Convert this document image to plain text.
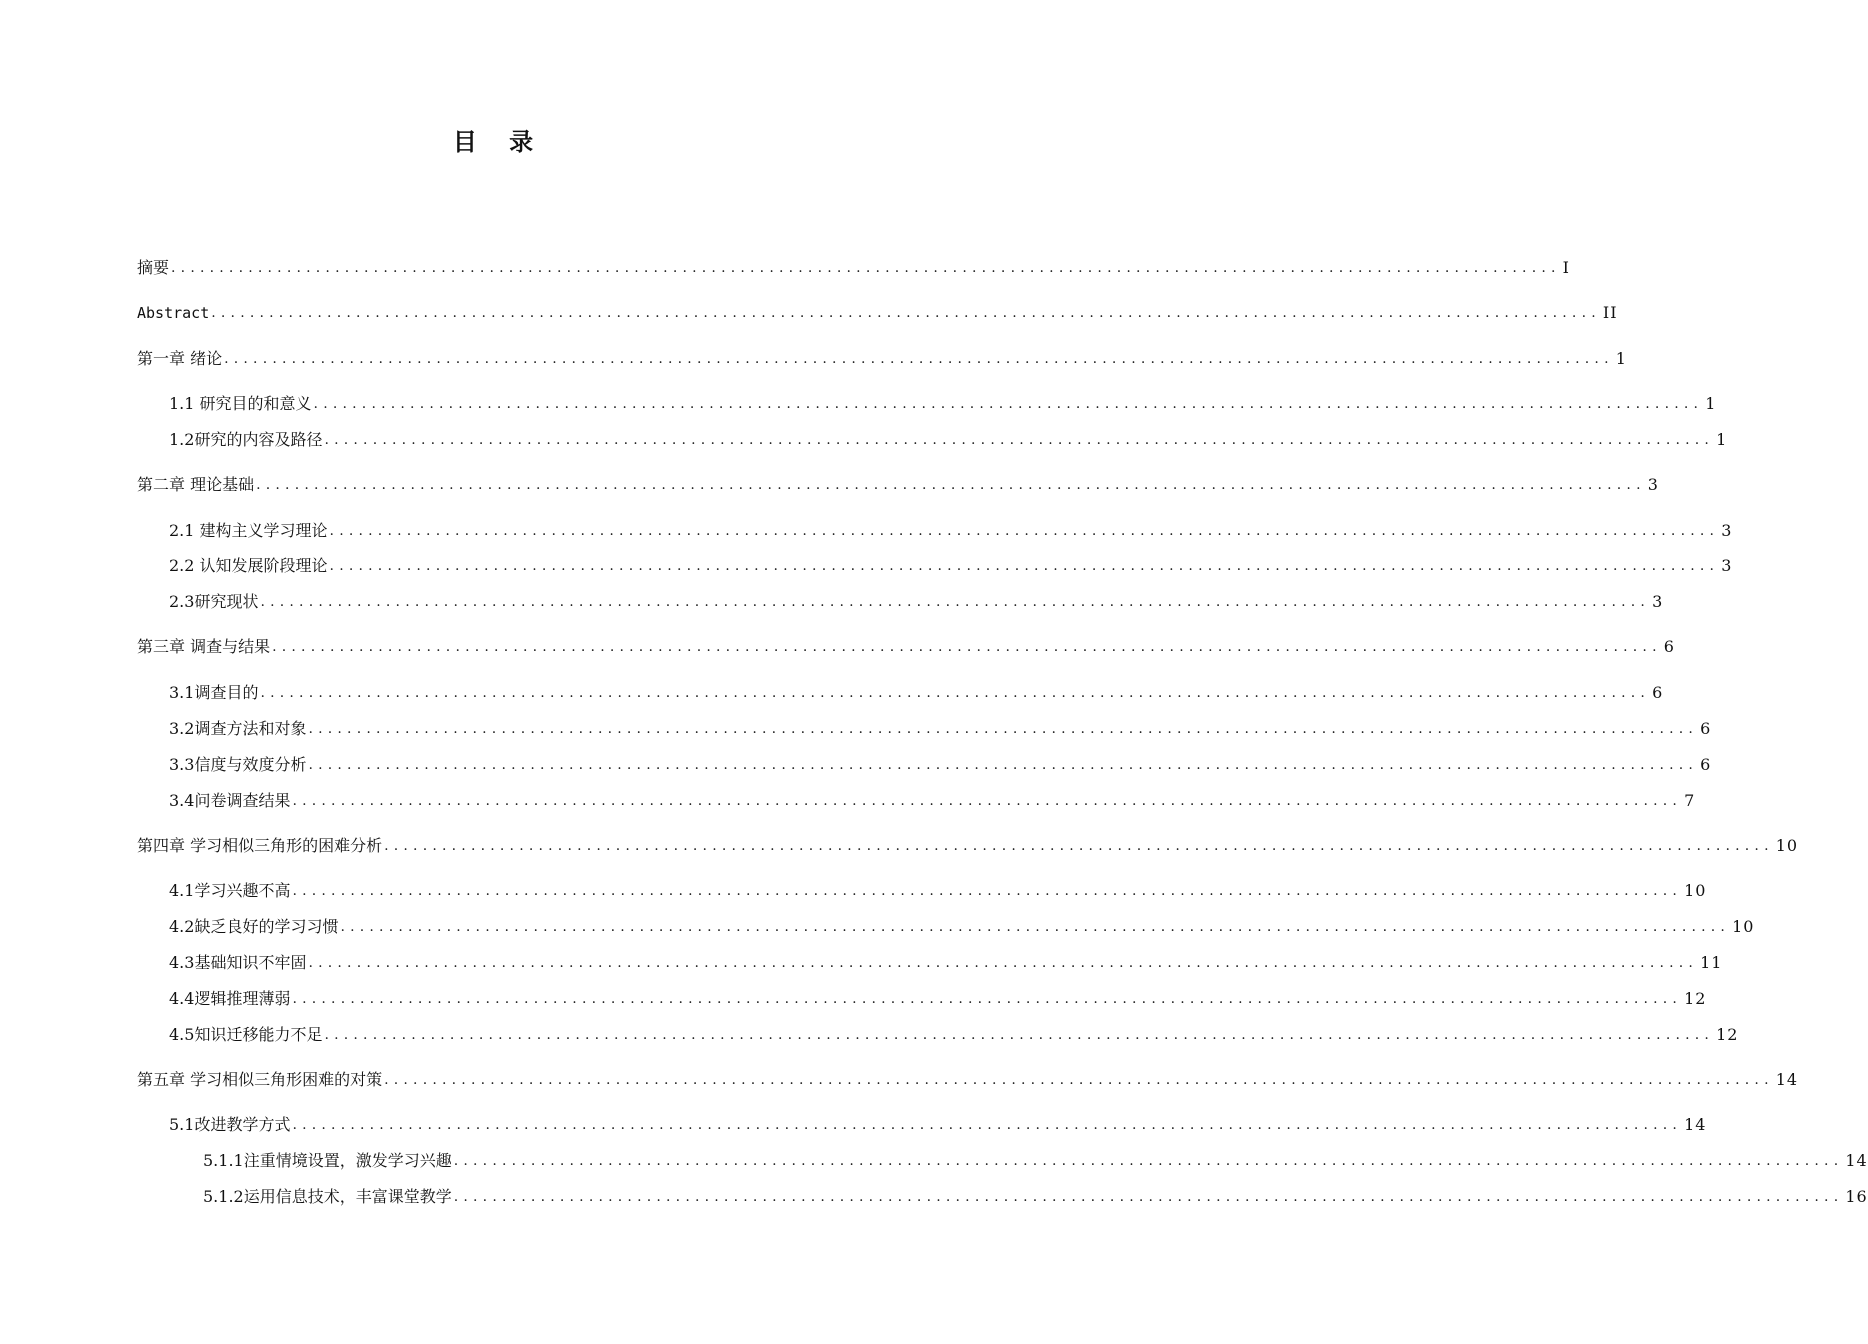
目 录
摘要 ................................................................................................................................................ I
Abstract ................................................................................................................................................ II
第一章 绪论 ................................................................................................................................................ 1
1.1 研究目的和意义 ................................................................................................................................................ 1
1.2研究的内容及路径 ................................................................................................................................................ 1
第二章 理论基础 ................................................................................................................................................ 3
2.1 建构主义学习理论 ................................................................................................................................................ 3
2.2 认知发展阶段理论 ................................................................................................................................................ 3
2.3研究现状 ................................................................................................................................................ 3
第三章 调查与结果 ................................................................................................................................................ 6
3.1调查目的 ................................................................................................................................................ 6
3.2调查方法和对象 ................................................................................................................................................ 6
3.3信度与效度分析 ................................................................................................................................................ 6
3.4问卷调查结果 ................................................................................................................................................ 7
第四章 学习相似三角形的困难分析 ................................................................................................................................................ 10
4.1学习兴趣不高 ................................................................................................................................................ 10
4.2缺乏良好的学习习惯 ................................................................................................................................................ 10
4.3基础知识不牢固 ................................................................................................................................................ 11
4.4逻辑推理薄弱 ................................................................................................................................................ 12
4.5知识迁移能力不足 ................................................................................................................................................ 12
第五章 学习相似三角形困难的对策 ................................................................................................................................................ 14
5.1改进教学方式 ................................................................................................................................................ 14
5.1.1注重情境设置，激发学习兴趣 ................................................................................................................................................ 14
5.1.2运用信息技术，丰富课堂教学 ................................................................................................................................................ 16
